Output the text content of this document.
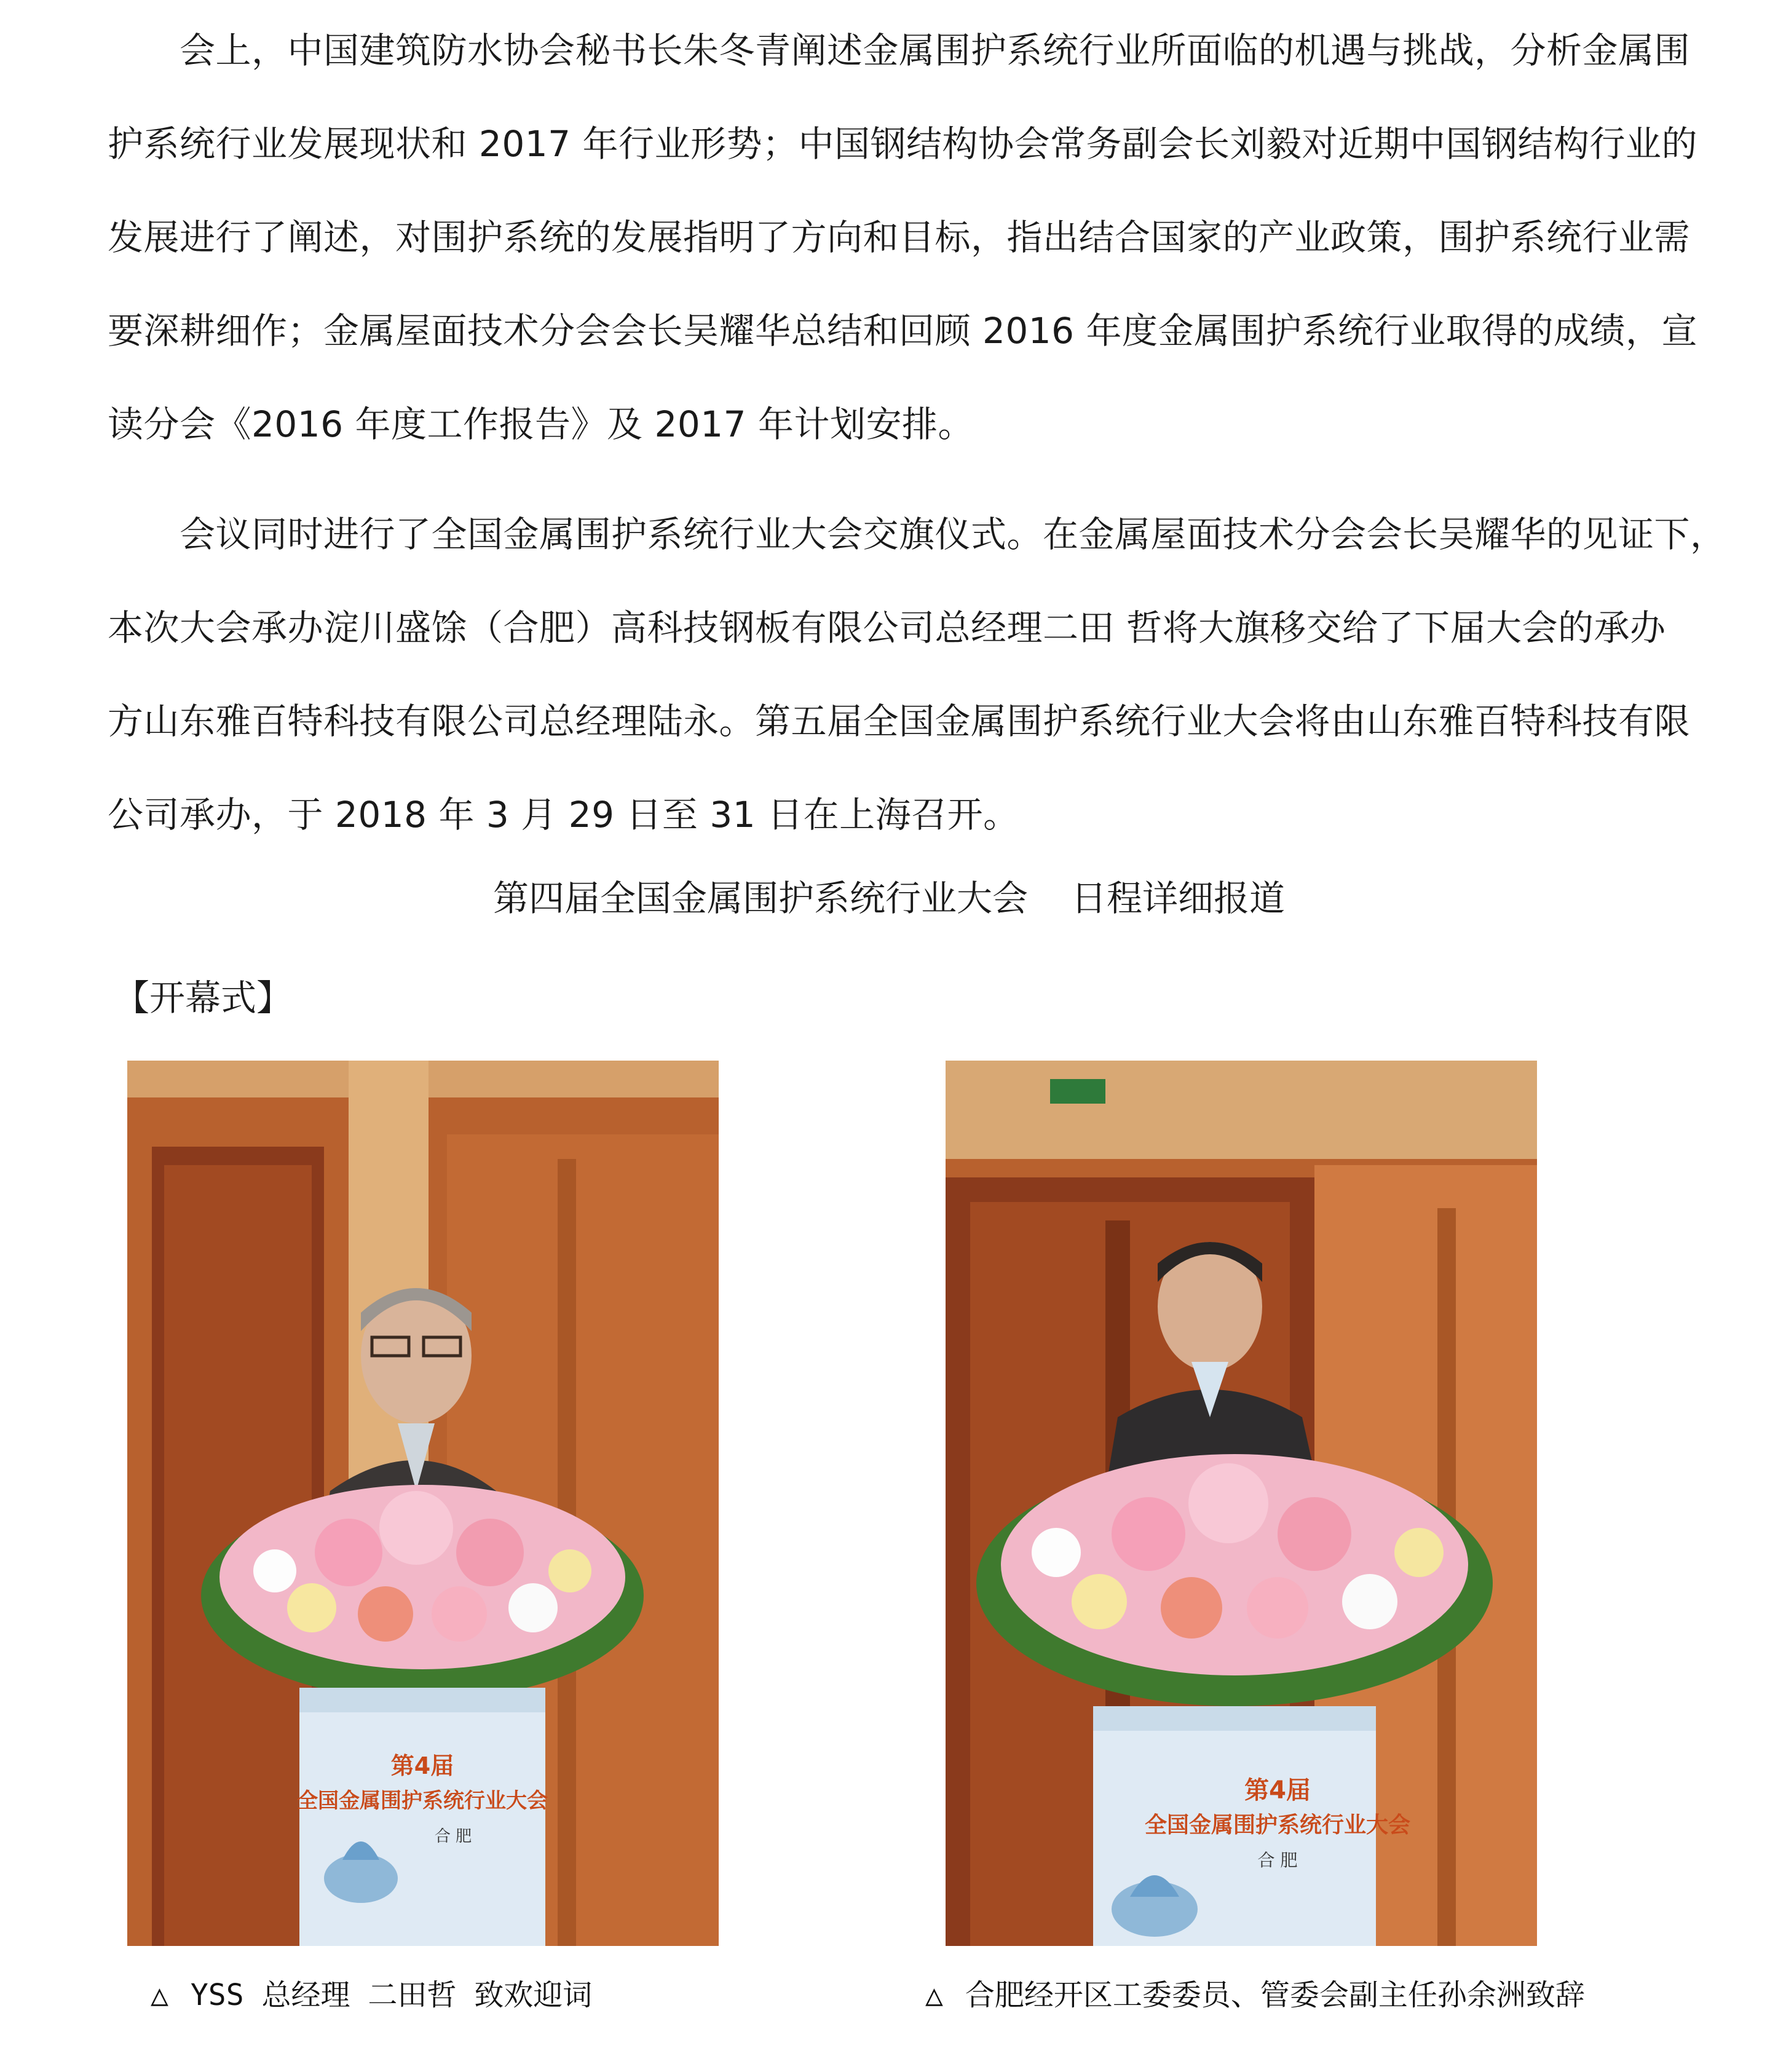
　　会上，中国建筑防水协会秘书长朱冬青阐述金属围护系统行业所面临的机遇与挑战，分析金属围
护系统行业发展现状和 2017 年行业形势；中国钢结构协会常务副会长刘毅对近期中国钢结构行业的
发展进行了阐述，对围护系统的发展指明了方向和目标，指出结合国家的产业政策，围护系统行业需
要深耕细作；金属屋面技术分会会长吴耀华总结和回顾 2016 年度金属围护系统行业取得的成绩，宣
读分会《2016 年度工作报告》及 2017 年计划安排。
　　会议同时进行了全国金属围护系统行业大会交旗仪式。在金属屋面技术分会会长吴耀华的见证下，
本次大会承办淀川盛馀（合肥）高科技钢板有限公司总经理二田 哲将大旗移交给了下届大会的承办
方山东雅百特科技有限公司总经理陆永。第五届全国金属围护系统行业大会将由山东雅百特科技有限
公司承办，于 2018 年 3 月 29 日至 31 日在上海召开。
第四届全国金属围护系统行业大会 日程详细报道
【开幕式】
第4届
全国金属围护系统行业大会
合 肥
第4届
全国金属围护系统行业大会
合 肥
△ YSS 总经理 二田哲 致欢迎词	△ 合肥经开区工委委员、管委会副主任孙余洲致辞
